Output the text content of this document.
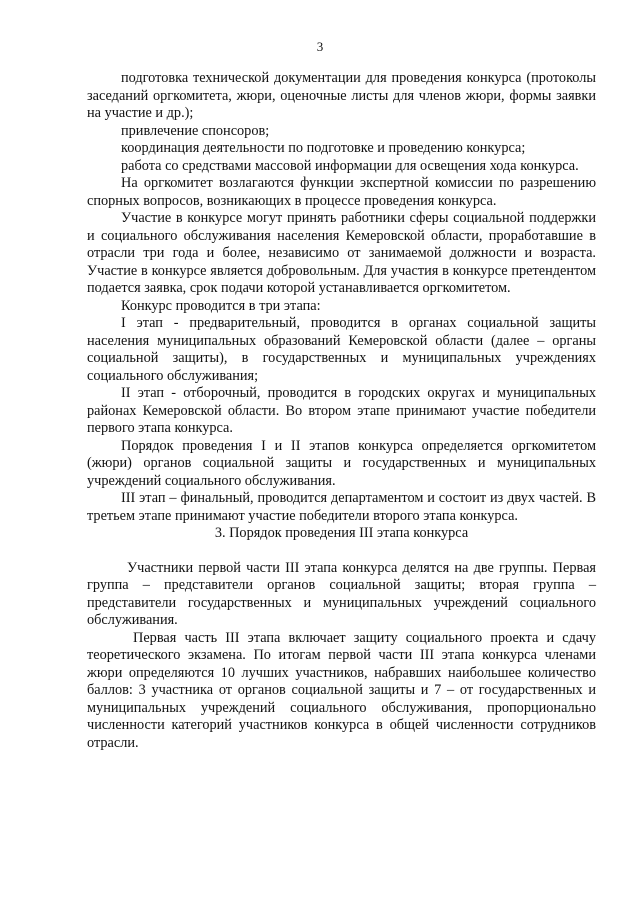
3

подготовка технической документации для проведения конкурса (протоколы заседаний оргкомитета, жюри, оценочные листы для членов жюри, формы заявки на участие и др.);

привлечение спонсоров;

координация деятельности по подготовке и проведению конкурса;

работа со средствами массовой информации для освещения хода конкурса.

На оргкомитет возлагаются функции экспертной комиссии по разрешению спорных вопросов, возникающих в процессе проведения конкурса.

Участие в конкурсе могут принять работники сферы социальной поддержки и социального обслуживания населения Кемеровской области, проработавшие в отрасли три года и более, независимо от занимаемой должности и возраста. Участие в конкурсе является добровольным. Для участия в конкурсе претендентом подается заявка, срок подачи которой устанавливается оргкомитетом.

Конкурс проводится в три этапа:

I этап - предварительный, проводится в органах социальной защиты населения муниципальных образований Кемеровской области (далее – органы социальной защиты), в государственных и муниципальных учреждениях социального обслуживания;

II этап - отборочный, проводится в городских округах и муниципальных районах Кемеровской области. Во втором этапе принимают участие победители первого этапа конкурса.

Порядок проведения I и II этапов конкурса определяется оргкомитетом (жюри) органов социальной защиты и государственных и муниципальных учреждений социального обслуживания.

III этап – финальный, проводится департаментом и состоит из двух частей. В третьем этапе принимают участие победители второго этапа конкурса.

3. Порядок проведения III этапа конкурса

Участники первой части III этапа конкурса делятся на две группы. Первая группа – представители органов социальной защиты; вторая группа – представители государственных и муниципальных учреждений социального обслуживания.

Первая часть III этапа включает защиту социального проекта и сдачу теоретического экзамена. По итогам первой части III этапа конкурса членами жюри определяются 10 лучших участников, набравших наибольшее количество баллов: 3 участника от органов социальной защиты и 7 – от государственных и муниципальных учреждений социального обслуживания, пропорционально численности категорий участников конкурса в общей численности сотрудников отрасли.
